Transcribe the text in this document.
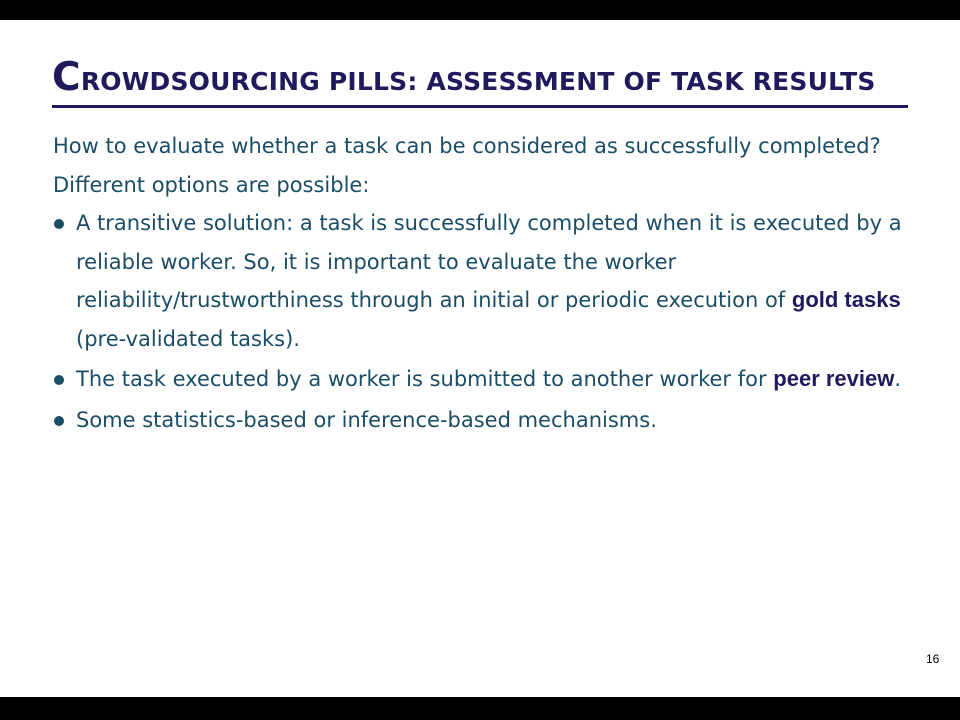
CROWDSOURCING PILLS: ASSESSMENT OF TASK RESULTS

How to evaluate whether a task can be considered as successfully completed?

Different options are possible:

A transitive solution: a task is successfully completed when it is executed by a reliable worker. So, it is important to evaluate the worker reliability/trustworthiness through an initial or periodic execution of gold tasks (pre-validated tasks).
The task executed by a worker is submitted to another worker for peer review.
Some statistics-based or inference-based mechanisms.
16
